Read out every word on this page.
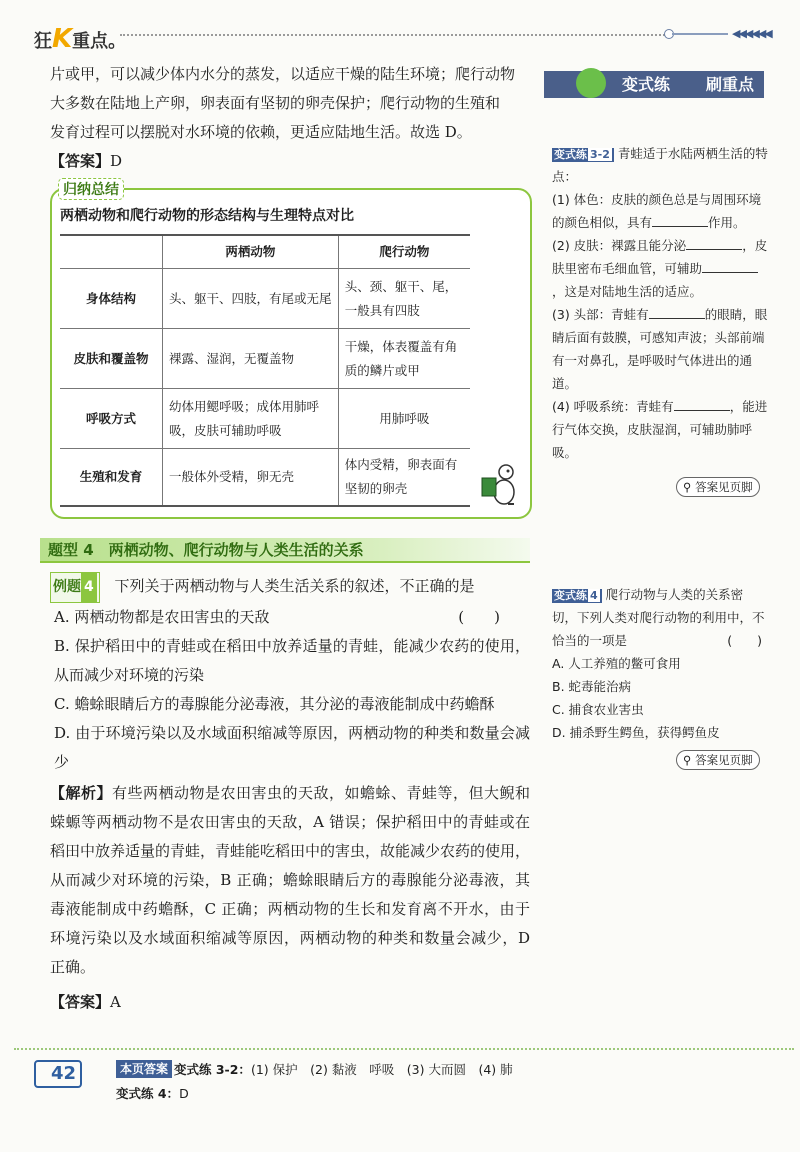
狂K重点。	◀◀◀◀◀◀
片或甲，可以减少体内水分的蒸发，以适应干燥的陆生环境；爬行动物
大多数在陆地上产卵，卵表面有坚韧的卵壳保护；爬行动物的生殖和
发育过程可以摆脱对水环境的依赖，更适应陆地生活。故选 D。
【答案】D
归纳总结
两栖动物和爬行动物的形态结构与生理特点对比
	两栖动物	爬行动物
身体结构	头、躯干、四肢，有尾或无尾	头、颈、躯干、尾，一般具有四肢
皮肤和覆盖物	裸露、湿润，无覆盖物	干燥，体表覆盖有角质的鳞片或甲
呼吸方式	幼体用鳃呼吸；成体用肺呼吸，皮肤可辅助呼吸	用肺呼吸
生殖和发育	一般体外受精，卵无壳	体内受精，卵表面有坚韧的卵壳
题型 4　两栖动物、爬行动物与人类生活的关系
例题 4 下列关于两栖动物与人类生活关系的叙述，不正确的是
(　　)
A. 两栖动物都是农田害虫的天敌
B. 保护稻田中的青蛙或在稻田中放养适量的青蛙，能减少农药的使用，从而减少对环境的污染
C. 蟾蜍眼睛后方的毒腺能分泌毒液，其分泌的毒液能制成中药蟾酥
D. 由于环境污染以及水域面积缩减等原因，两栖动物的种类和数量会减少
【解析】有些两栖动物是农田害虫的天敌，如蟾蜍、青蛙等，但大鲵和蝾螈等两栖动物不是农田害虫的天敌，A 错误；保护稻田中的青蛙或在稻田中放养适量的青蛙，青蛙能吃稻田中的害虫，故能减少农药的使用，从而减少对环境的污染，B 正确；蟾蜍眼睛后方的毒腺能分泌毒液，其毒液能制成中药蟾酥，C 正确；两栖动物的生长和发育离不开水，由于环境污染以及水域面积缩减等原因，两栖动物的种类和数量会减少，D 正确。
【答案】A
变式练 刷重点
变式练 3-2 青蛙适于水陆两栖生活的特点：
(1) 体色：皮肤的颜色总是与周围环境的颜色相似，具有	作用。
(2) 皮肤：裸露且能分泌	，皮肤里密布毛细血管，可辅助，这是对陆地生活的适应。
(3) 头部：青蛙有	的眼睛，眼睛后面有鼓膜，可感知声波；头部前端有一对鼻孔，是呼吸时气体进出的通道。
(4) 呼吸系统：青蛙有	，能进行气体交换，皮肤湿润，可辅助肺呼吸。
⚲ 答案见页脚
变式练 4 爬行动物与人类的关系密切，下列人类对爬行动物的利用中，不恰当的一项是	(　　)
A. 人工养殖的鳖可食用
B. 蛇毒能治病
C. 捕食农业害虫
D. 捕杀野生鳄鱼，获得鳄鱼皮
⚲ 答案见页脚
42	本页答案 变式练 3-2：(1) 保护　(2) 黏液　呼吸　(3) 大而圆　(4) 肺
变式练 4：D
